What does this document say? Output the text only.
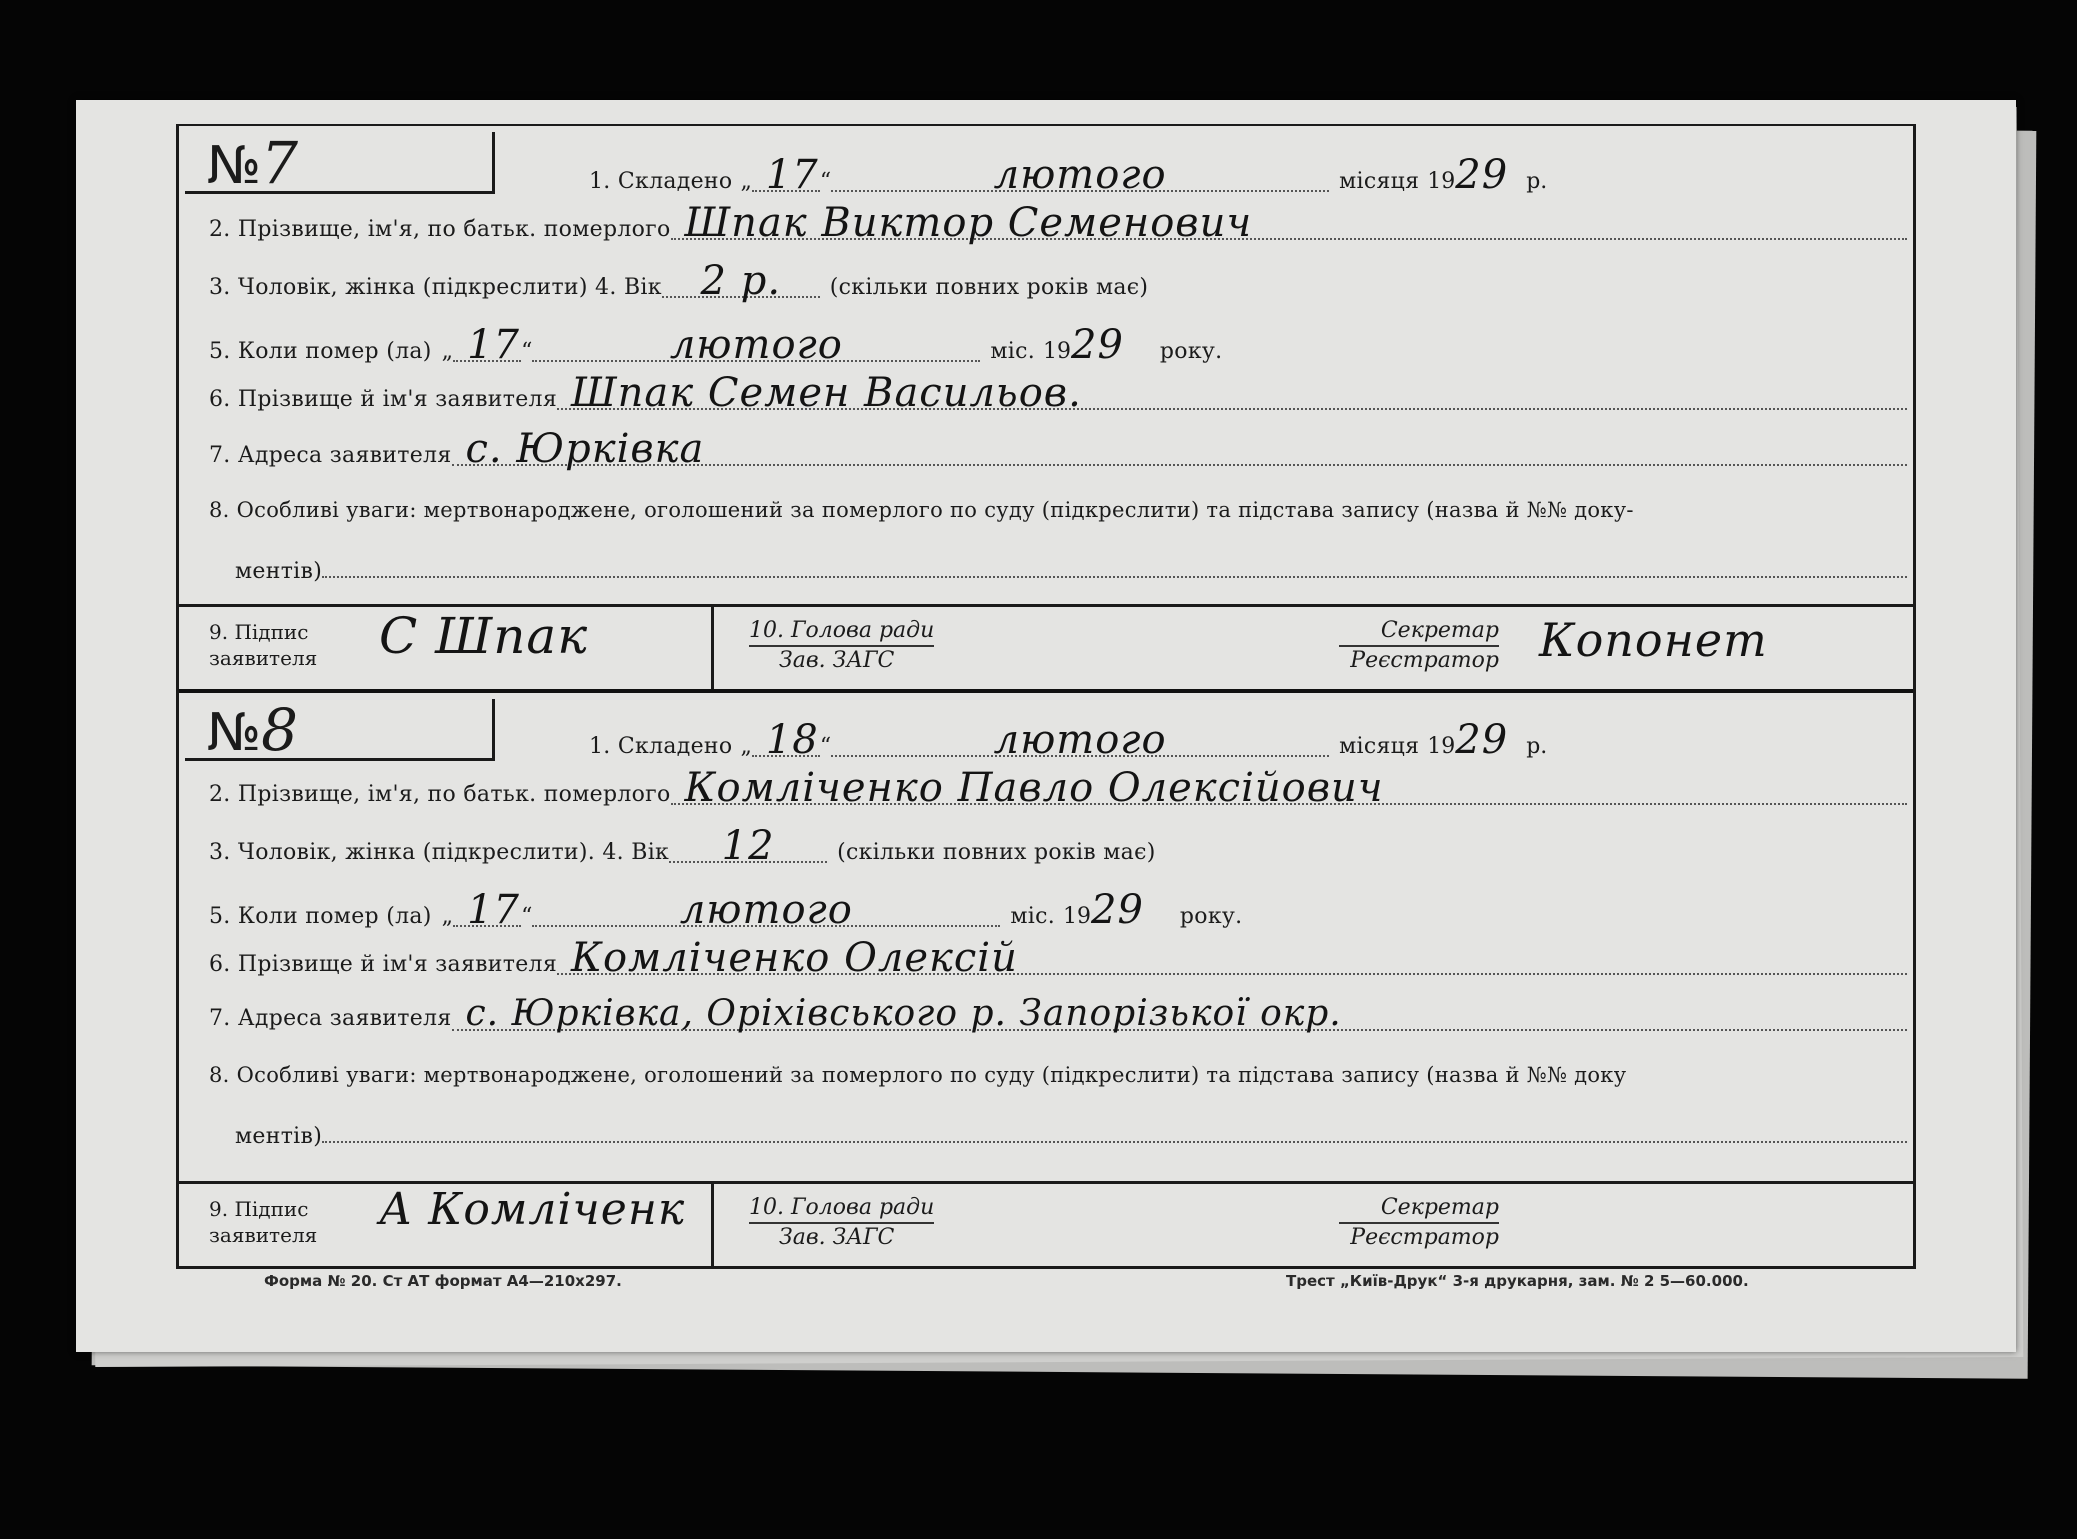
№7	1. Складено „ 17 “	лютого	місяця 19 29 р.
2. Прізвище, ім'я, по батьк. померлого Шпак Виктор Семенович
3. Чоловік, жінка (підкреслити) 4. Вік 2 р.	(скільки повних років має)
5. Коли помер (ла) „ 17 “	лютого	міс. 19 29 року.
6. Прізвище й ім'я заявителя Шпак Семен Васильов.
7. Адреса заявителя с. Юрківка
8. Особливі уваги: мертвонароджене, оголошений за померлого по суду (підкреслити) та підстава запису (назва й №№ доку-
ментів)
9. Підпис
заявителя С Шпак	10. Голова ради
Зав. ЗАГС
Секретар
Реєстратор Копонет
№8	1. Складено „ 18 “	лютого	місяця 19 29 р.
2. Прізвище, ім'я, по батьк. померлого Комліченко Павло Олексійович
3. Чоловік, жінка (підкреслити). 4. Вік	12	(скільки повних років має)
5. Коли помер (ла) „ 17 “	лютого	міс. 19 29 року.
6. Прізвище й ім'я заявителя Комліченко Олексій
7. Адреса заявителя с. Юрківка, Оріхівського р. Запорізької окр.
8. Особливі уваги: мертвонароджене, оголошений за померлого по суду (підкреслити) та підстава запису (назва й №№ доку
ментів)
9. Підпис
заявителя А Комліченк	10. Голова ради
Зав. ЗАГС
Секретар
Реєстратор
Форма № 20. Ст АТ формат А4—210х297.	Трест „Київ-Друк“ 3-я друкарня, зам. № 2 5—60.000.
